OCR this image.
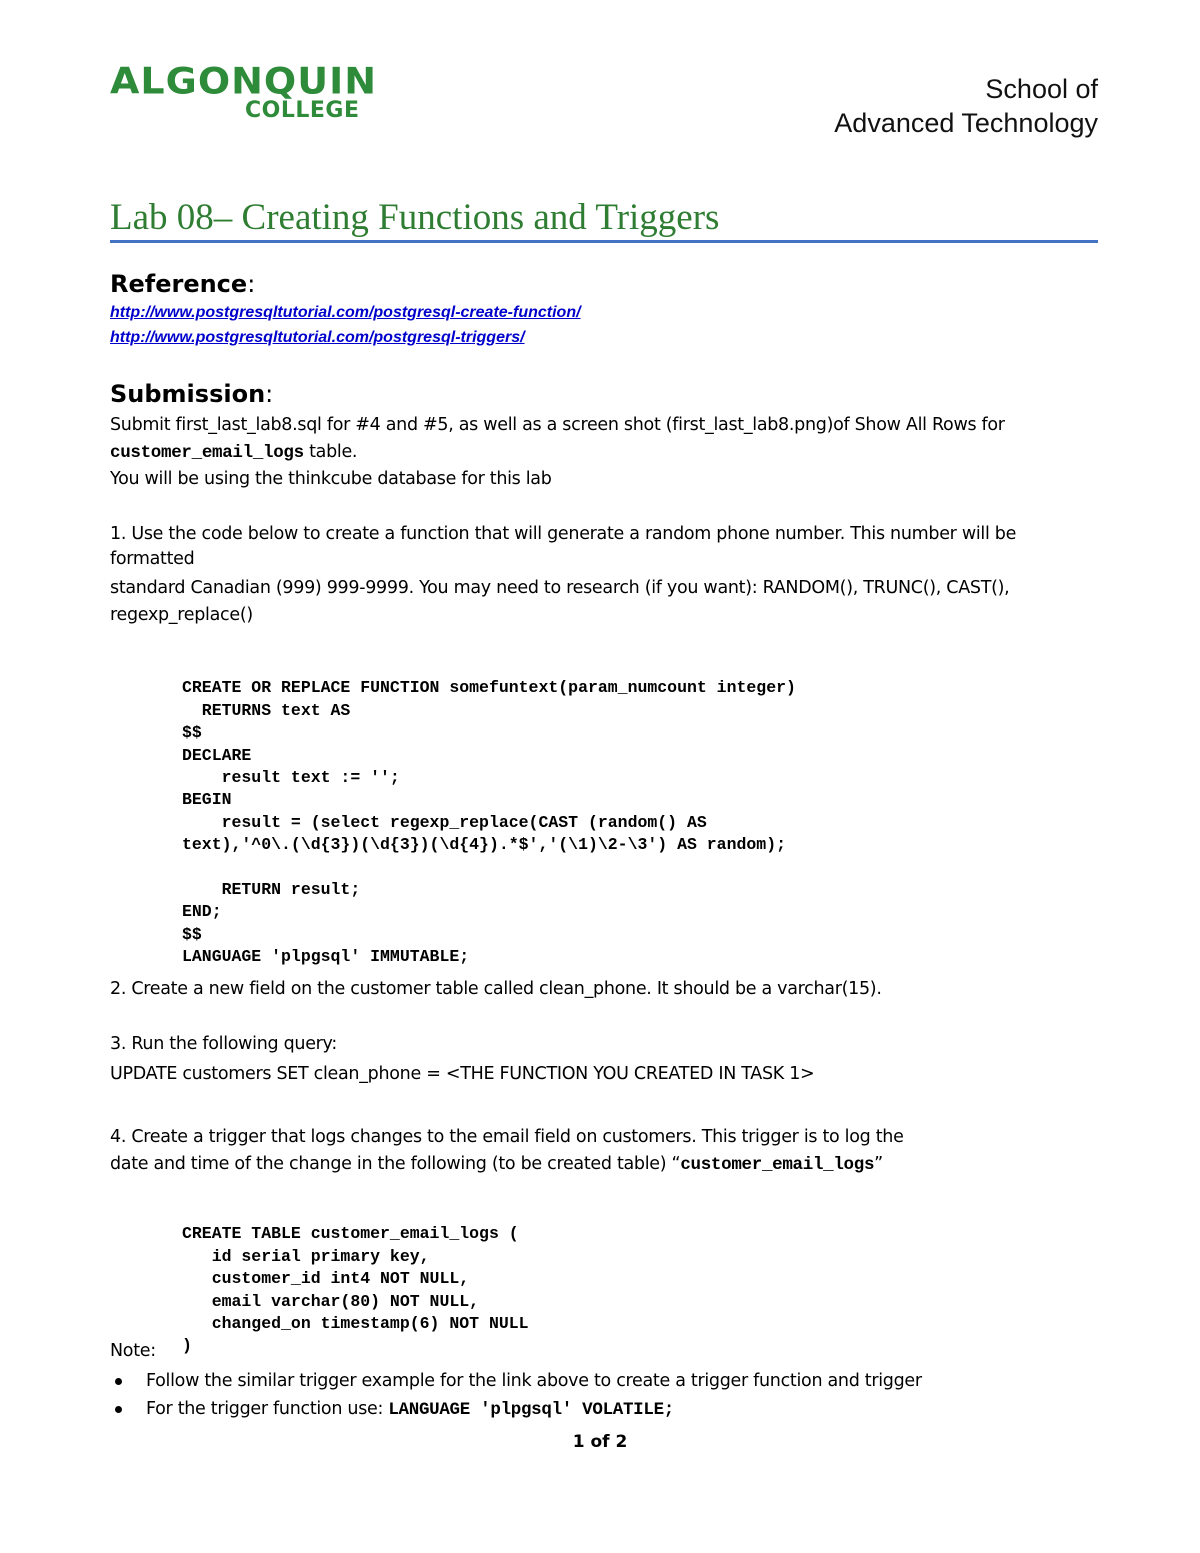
ALGONQUIN
COLLEGE
School of
Advanced Technology
Lab 08– Creating Functions and Triggers
Reference:
http://www.postgresqltutorial.com/postgresql-create-function/
http://www.postgresqltutorial.com/postgresql-triggers/
Submission:
Submit first_last_lab8.sql for #4 and #5, as well as a screen shot (first_last_lab8.png)of Show All Rows for
customer_email_logs table.
You will be using the thinkcube database for this lab
1. Use the code below to create a function that will generate a random phone number. This number will be
formatted
standard Canadian (999) 999-9999. You may need to research (if you want): RANDOM(), TRUNC(), CAST(),
regexp_replace()

CREATE OR REPLACE FUNCTION somefuntext(param_numcount integer)
RETURNS text AS
$$
DECLARE
result text := '';
BEGIN
result = (select regexp_replace(CAST (random() AS
text),'^0\.(\d{3})(\d{3})(\d{4}).*$','(\1)\2-\3') AS random);
RETURN result;
END;
$$
LANGUAGE 'plpgsql' IMMUTABLE;

2. Create a new field on the customer table called clean_phone. It should be a varchar(15).
3. Run the following query:
UPDATE customers SET clean_phone = <THE FUNCTION YOU CREATED IN TASK 1>
4. Create a trigger that logs changes to the email field on customers. This trigger is to log the
date and time of the change in the following (to be created table) “customer_email_logs”

CREATE TABLE customer_email_logs (
id serial primary key,
customer_id int4 NOT NULL,
email varchar(80) NOT NULL,
changed_on timestamp(6) NOT NULL
)

Note:
Follow the similar trigger example for the link above to create a trigger function and trigger
For the trigger function use: LANGUAGE 'plpgsql' VOLATILE;
1 of 2
